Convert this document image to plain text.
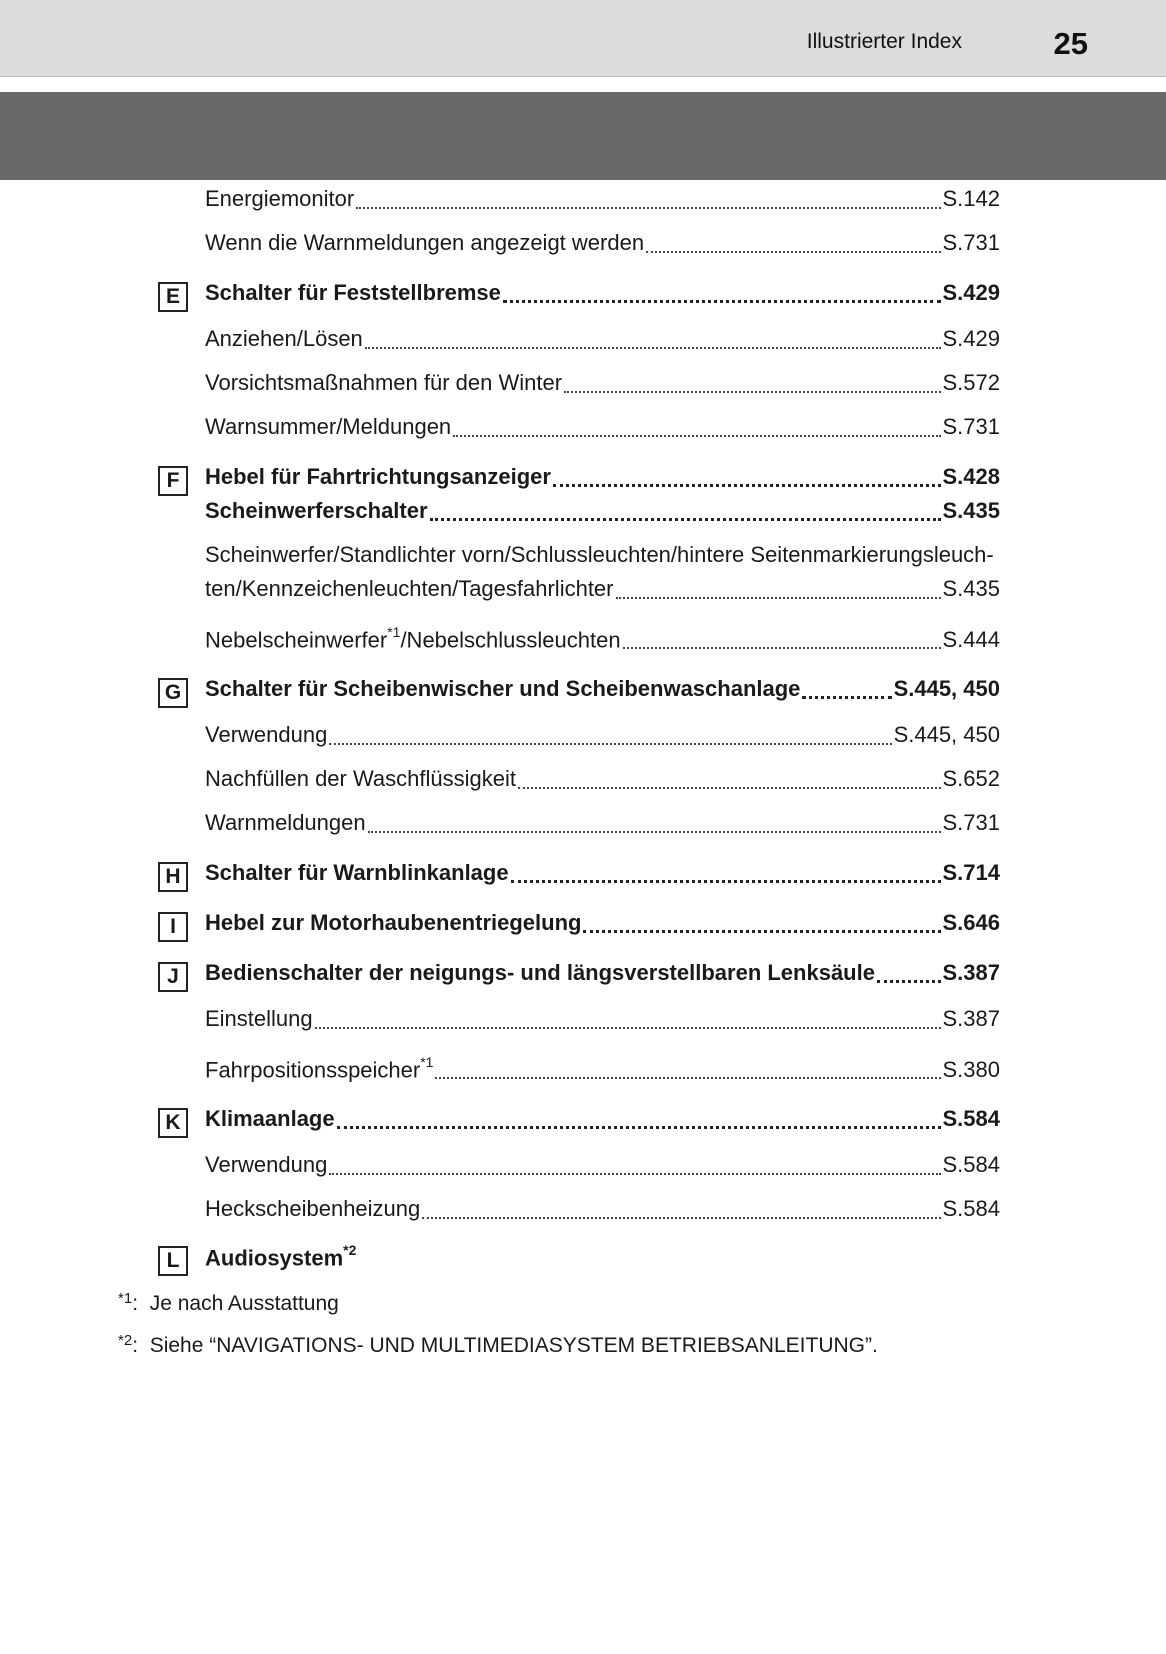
Illustrierter Index	25
Energiemonitor	S.142
Wenn die Warnmeldungen angezeigt werden	S.731
E	Schalter für Feststellbremse	S.429
Anziehen/Lösen	S.429
Vorsichtsmaßnahmen für den Winter	S.572
Warnsummer/Meldungen	S.731
F	Hebel für Fahrtrichtungsanzeiger	S.428
Scheinwerferschalter	S.435
Scheinwerfer/Standlichter vorn/Schlussleuchten/hintere Seitenmarkierungsleuch-
ten/Kennzeichenleuchten/Tagesfahrlichter	S.435
Nebelscheinwerfer$^{*1}$/Nebelschlussleuchten	S.444
G	Schalter für Scheibenwischer und Scheibenwaschanlage	S.445, 450
Verwendung	S.445, 450
Nachfüllen der Waschflüssigkeit	S.652
Warnmeldungen	S.731
H	Schalter für Warnblinkanlage	S.714
I	Hebel zur Motorhaubenentriegelung	S.646
J	Bedienschalter der neigungs- und längsverstellbaren Lenksäule	S.387
Einstellung	S.387
Fahrpositionsspeicher$^{*1}$	S.380
K	Klimaanlage	S.584
Verwendung	S.584
Heckscheibenheizung	S.584
L	Audiosystem$^{*2}$
$^{*1}$:  Je nach Ausstattung
$^{*2}$:  Siehe “NAVIGATIONS- UND MULTIMEDIASYSTEM BETRIEBSANLEITUNG”.
